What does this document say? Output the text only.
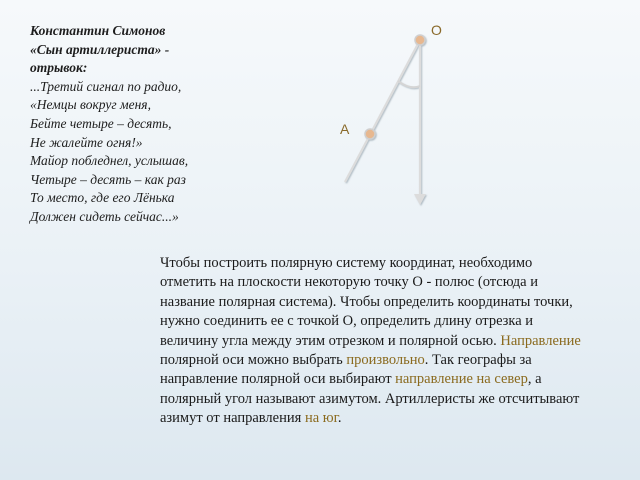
Константин Симонов
«Сын артиллериста» -
отрывок:
...Третий сигнал по радио,
«Немцы вокруг меня,
Бейте четыре – десять,
Не жалейте огня!»
Майор побледнел, услышав,
Четыре – десять – как раз
То место, где его Лёнька
Должен сидеть сейчас...»
О
А
Чтобы построить полярную систему координат, необходимо отметить на плоскости некоторую точку О - полюс (отсюда и название полярная система). Чтобы определить координаты точки, нужно соединить ее с точкой О, определить длину отрезка и величину угла между этим отрезком и полярной осью. Направление полярной оси можно выбрать произвольно. Так географы за направление полярной оси выбирают направление на север, а полярный угол называют азимутом. Артиллеристы же отсчитывают азимут от направления на юг.
